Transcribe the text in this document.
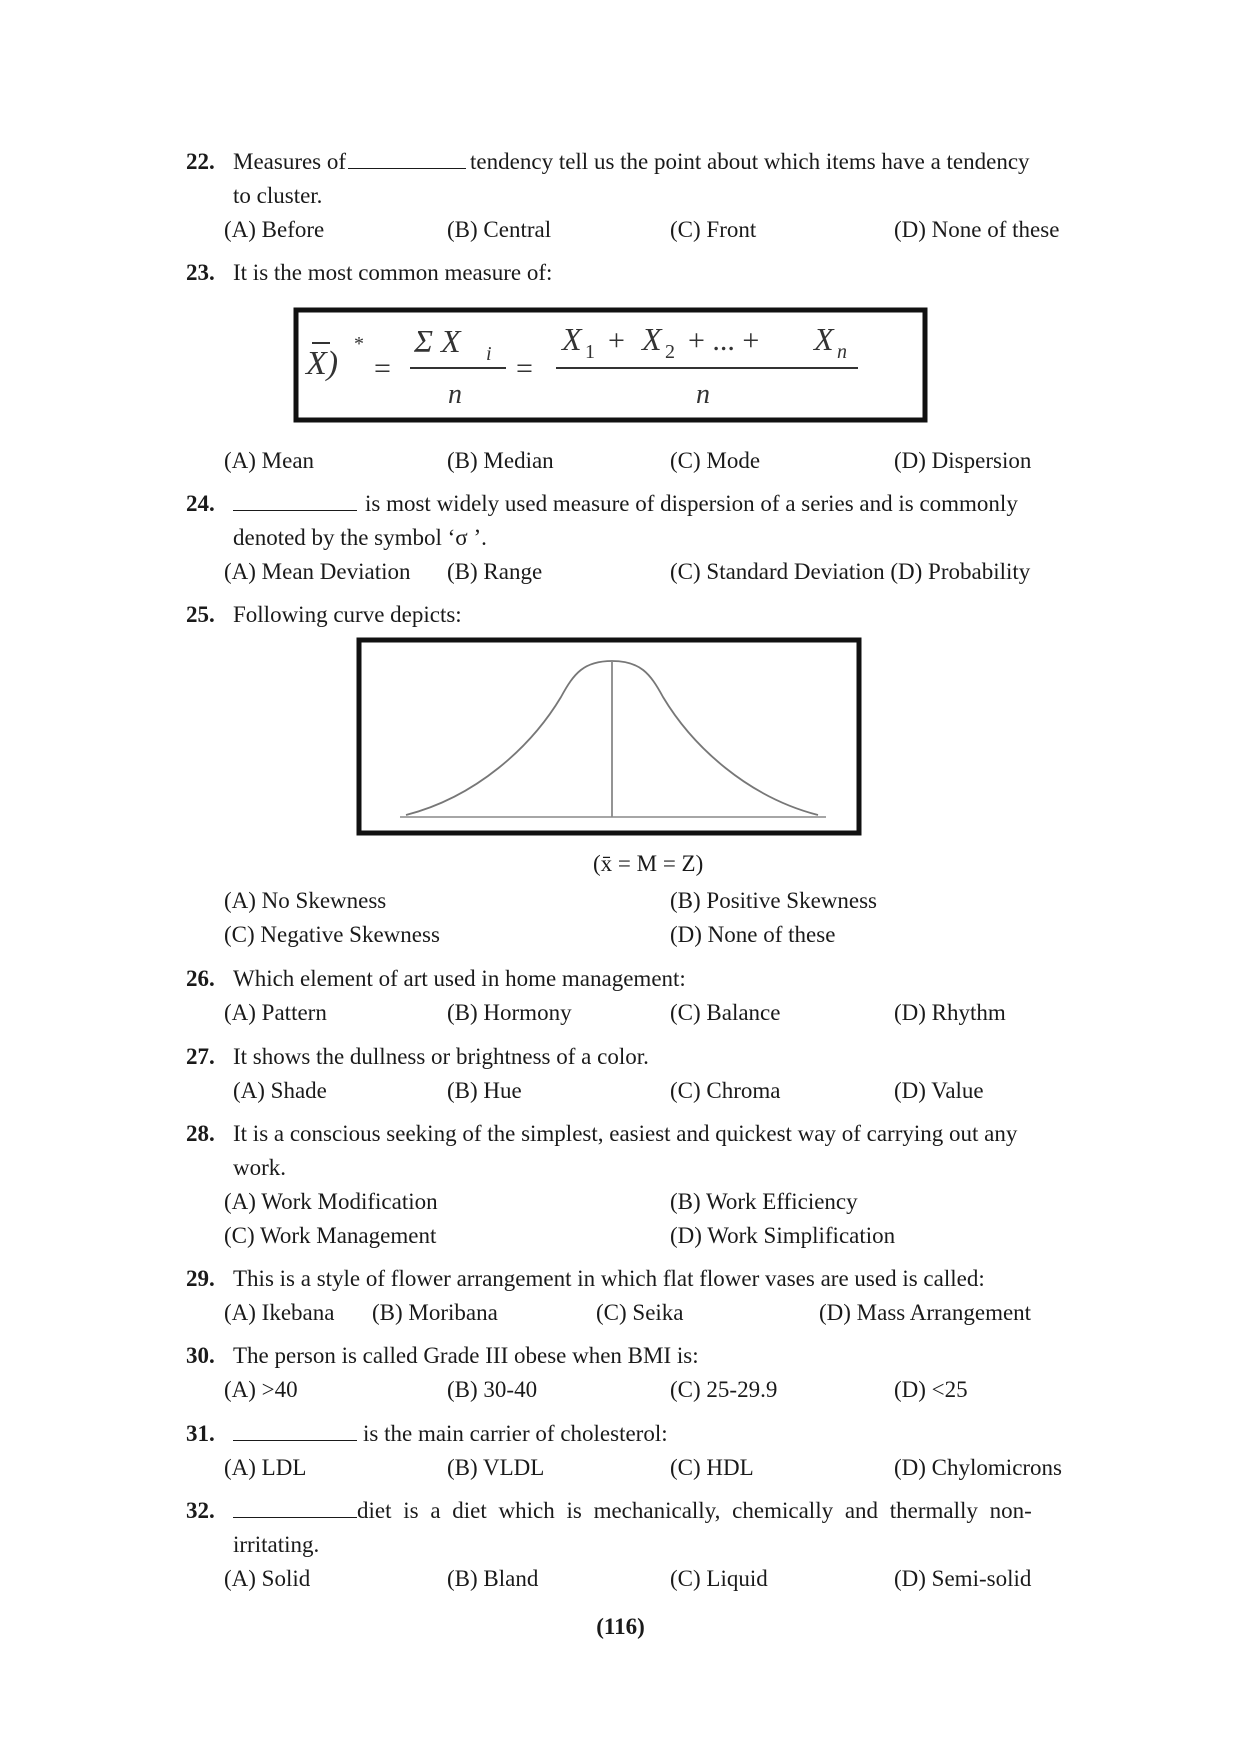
22. Measures of	tendency tell us the point about which items have a tendency
to cluster.
(A) Before	(B) Central	(C) Front	(D) None of these
23. It is the most common measure of:
X)
*
=
Σ X i
n
=
X 1 + X 2 + ... + X n
n
(A) Mean	(B) Median	(C) Mode	(D) Dispersion
24.	is most widely used measure of dispersion of a series and is commonly
denoted by the symbol ‘σ ’.
(A) Mean Deviation (B) Range	(C) Standard Deviation (D) Probability
25. Following curve depicts:
(x̄ = M = Z)
(A) No Skewness	(B) Positive Skewness
(C) Negative Skewness	(D) None of these
26. Which element of art used in home management:
(A) Pattern	(B) Hormony	(C) Balance	(D) Rhythm
27. It shows the dullness or brightness of a color.
(A) Shade	(B) Hue	(C) Chroma	(D) Value
28. It is a conscious seeking of the simplest, easiest and quickest way of carrying out any
work.
(A) Work Modification	(B) Work Efficiency
(C) Work Management	(D) Work Simplification
29. This is a style of flower arrangement in which flat flower vases are used is called:
(A) Ikebana (B) Moribana	(C) Seika	(D) Mass Arrangement
30. The person is called Grade III obese when BMI is:
(A) >40	(B) 30-40	(C) 25-29.9	(D) <25
31.	is the main carrier of cholesterol:
(A) LDL	(B) VLDL	(C) HDL	(D) Chylomicrons
32.	diet is a diet which is mechanically, chemically and thermally non-
irritating.
(A) Solid	(B) Bland	(C) Liquid	(D) Semi-solid
(116)
